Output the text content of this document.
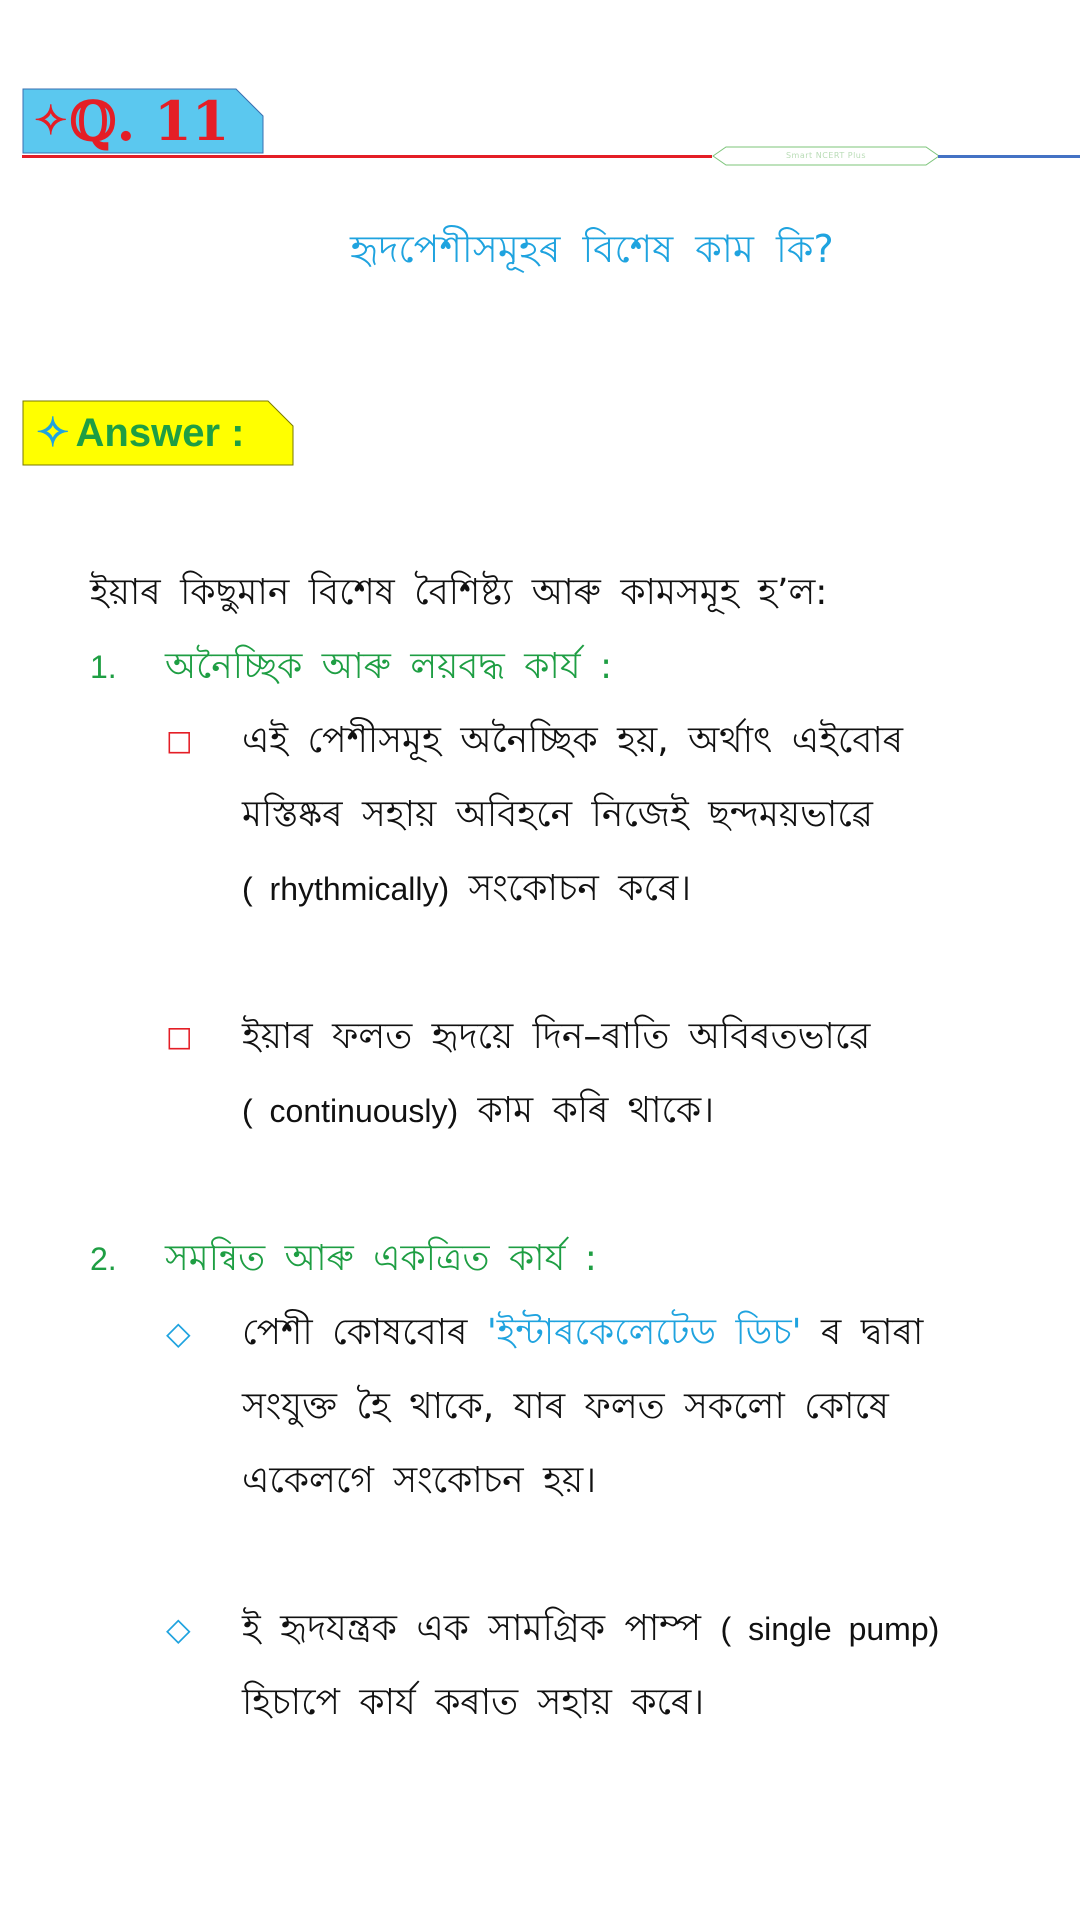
✧ℚ. 11
Smart NCERT Plus
হৃদপেশীসমূহৰ বিশেষ কাম কি?
✧ Answer :
ইয়াৰ কিছুমান বিশেষ বৈশিষ্ট্য আৰু কামসমূহ হ’ল:
1. অনৈচ্ছিক আৰু লয়বদ্ধ কাৰ্য :
□ এই পেশীসমূহ অনৈচ্ছিক হয়, অৰ্থাৎ এইবোৰ
মস্তিষ্কৰ সহায় অবিহনে নিজেই ছন্দময়ভাৱে
( rhythmically) সংকোচন কৰে।
□ ইয়াৰ ফলত হৃদয়ে দিন–ৰাতি অবিৰতভাৱে
( continuously) কাম কৰি থাকে।
2. সমন্বিত আৰু একত্ৰিত কাৰ্য :
◇ পেশী কোষবোৰ 'ইন্টাৰকেলেটেড ডিচ' ৰ দ্বাৰা
সংযুক্ত হৈ থাকে, যাৰ ফলত সকলো কোষে
একেলগে সংকোচন হয়।
◇ ই হৃদযন্ত্ৰক এক সামগ্ৰিক পাম্প ( single pump)
হিচাপে কাৰ্য কৰাত সহায় কৰে।
